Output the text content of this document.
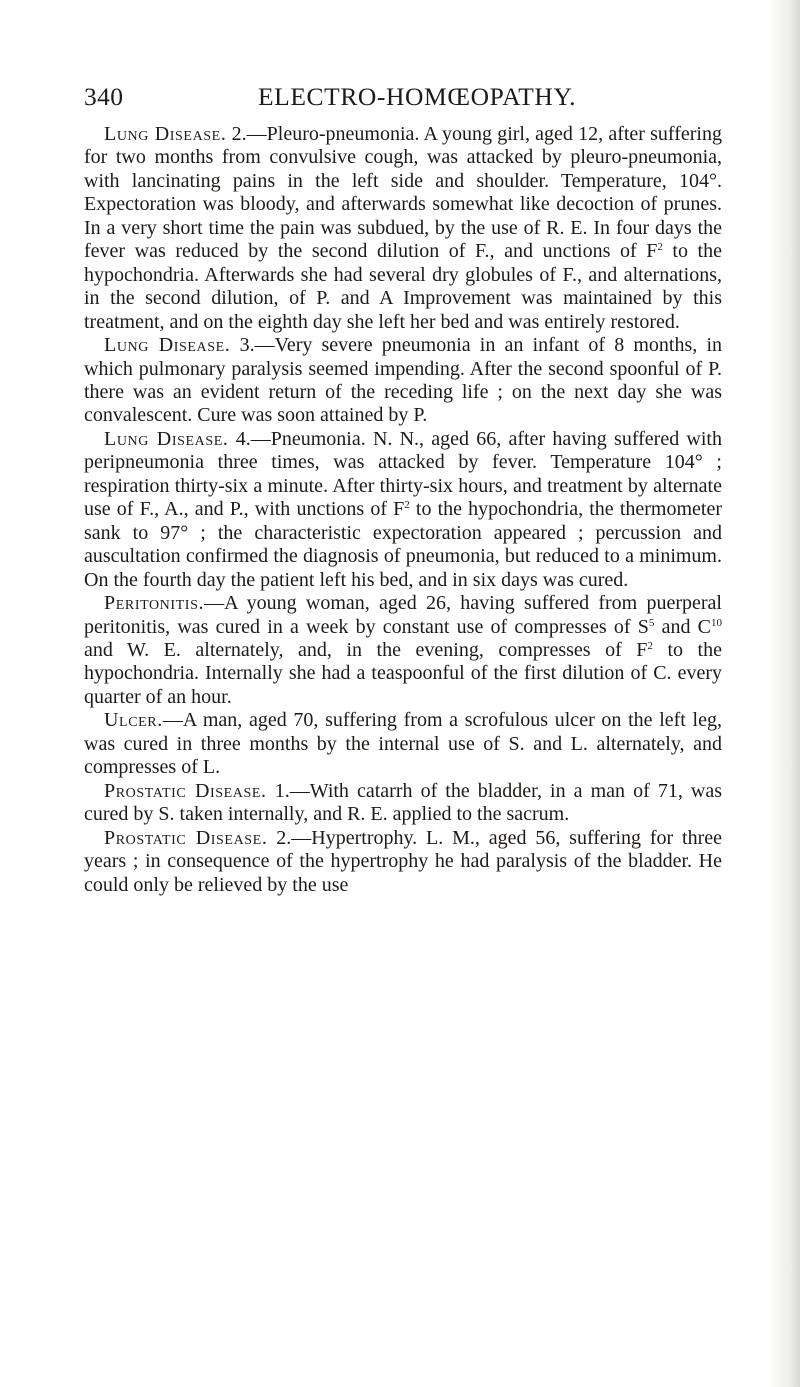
340	ELECTRO-HOMŒOPATHY.

Lung Disease. 2.—Pleuro-pneumonia. A young girl, aged 12, after suffering for two months from convulsive cough, was attacked by pleuro-pneumonia, with lancinating pains in the left side and shoulder. Temperature, 104°. Expectoration was bloody, and afterwards somewhat like decoction of prunes. In a very short time the pain was subdued, by the use of R. E. In four days the fever was reduced by the second dilution of F., and unctions of $F^2$ to the hypochondria. Afterwards she had several dry globules of F., and alternations, in the second dilution, of P. and A Improvement was maintained by this treatment, and on the eighth day she left her bed and was entirely restored.

Lung Disease. 3.—Very severe pneumonia in an infant of 8 months, in which pulmonary paralysis seemed impending. After the second spoonful of P. there was an evident return of the receding life ; on the next day she was convalescent. Cure was soon attained by P.

Lung Disease. 4.—Pneumonia. N. N., aged 66, after having suffered with peripneumonia three times, was attacked by fever. Temperature 104° ; respiration thirty-six a minute. After thirty-six hours, and treatment by alternate use of F., A., and P., with unctions of $F^2$ to the hypochondria, the thermometer sank to 97° ; the characteristic expectoration appeared ; percussion and auscultation confirmed the diagnosis of pneumonia, but reduced to a minimum. On the fourth day the patient left his bed, and in six days was cured.

Peritonitis.—A young woman, aged 26, having suffered from puerperal peritonitis, was cured in a week by constant use of compresses of $S^5$ and $C^{10}$ and W. E. alternately, and, in the evening, compresses of $F^2$ to the hypochondria. Internally she had a teaspoonful of the first dilution of C. every quarter of an hour.

Ulcer.—A man, aged 70, suffering from a scrofulous ulcer on the left leg, was cured in three months by the internal use of S. and L. alternately, and compresses of L.

Prostatic Disease. 1.—With catarrh of the bladder, in a man of 71, was cured by S. taken internally, and R. E. applied to the sacrum.

Prostatic Disease. 2.—Hypertrophy. L. M., aged 56, suffering for three years ; in consequence of the hypertrophy he had paralysis of the bladder. He could only be relieved by the use
